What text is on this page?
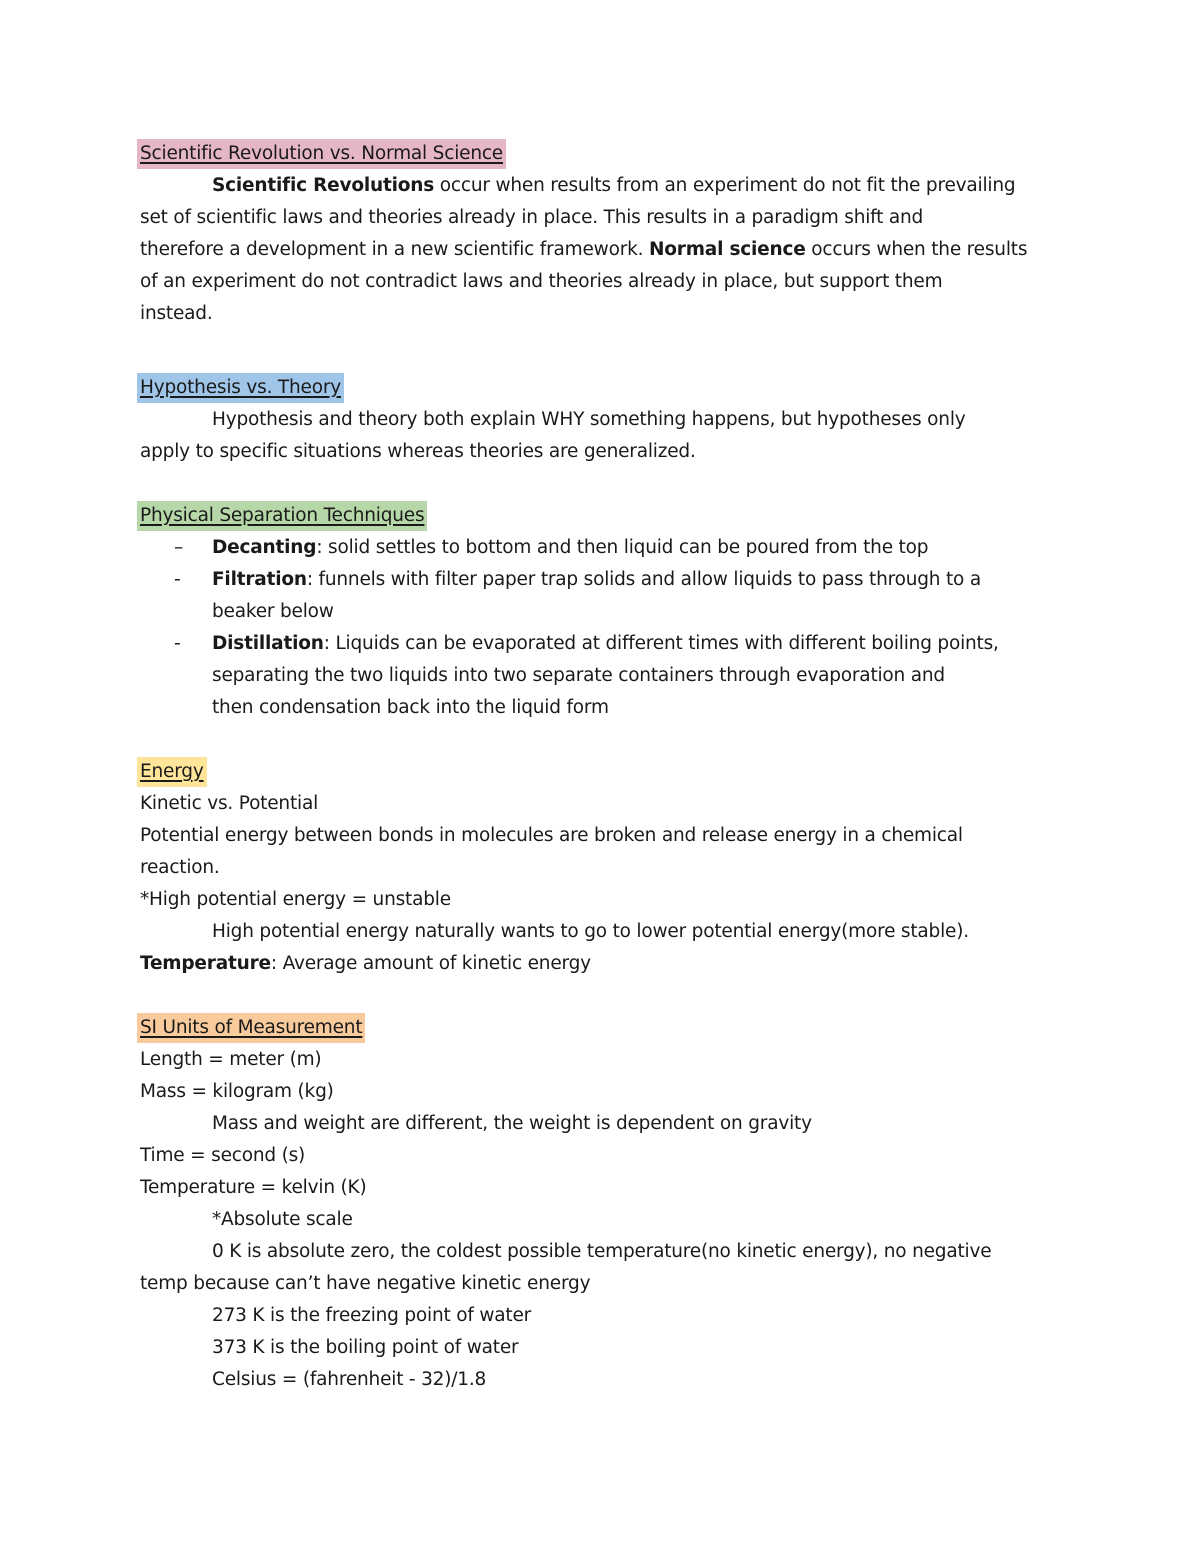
Scientific Revolution vs. Normal Science
Scientific Revolutions occur when results from an experiment do not fit the prevailing
set of scientific laws and theories already in place. This results in a paradigm shift and
therefore a development in a new scientific framework. Normal science occurs when the results
of an experiment do not contradict laws and theories already in place, but support them
instead.
Hypothesis vs. Theory
Hypothesis and theory both explain WHY something happens, but hypotheses only
apply to specific situations whereas theories are generalized.
Physical Separation Techniques
– Decanting: solid settles to bottom and then liquid can be poured from the top
- Filtration: funnels with filter paper trap solids and allow liquids to pass through to a
beaker below
- Distillation: Liquids can be evaporated at different times with different boiling points,
separating the two liquids into two separate containers through evaporation and
then condensation back into the liquid form
Energy
Kinetic vs. Potential
Potential energy between bonds in molecules are broken and release energy in a chemical
reaction.
*High potential energy = unstable
High potential energy naturally wants to go to lower potential energy(more stable).
Temperature: Average amount of kinetic energy
SI Units of Measurement
Length = meter (m)
Mass = kilogram (kg)
Mass and weight are different, the weight is dependent on gravity
Time = second (s)
Temperature = kelvin (K)
*Absolute scale
0 K is absolute zero, the coldest possible temperature(no kinetic energy), no negative
temp because can’t have negative kinetic energy
273 K is the freezing point of water
373 K is the boiling point of water
Celsius = (fahrenheit - 32)/1.8
